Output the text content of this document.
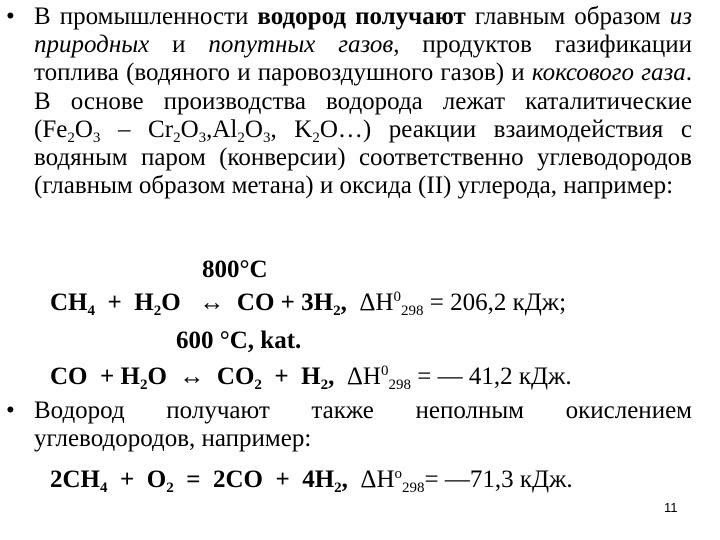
• В промышленности водород получают главным образом из природных и попутных газов, продуктов газификации топлива (водяного и паровоздушного газов) и коксового газа. В основе производства водорода лежат каталитические ($Fe_2O_3 - Cr_2O_3,Al_2O_3$, $K_2O\dots$) реакции взаимодействия с водяным паром (конверсии) соответственно углеводородов (главным образом метана) и оксида (II) углерода, например:
800°C
$CH_4 + H_2O$   ↔  CO + $3H_2$,  $\Delta H^0_{298} = 206,2$ кДж;
600 °C, kat.
CO  + $H_2O$  ↔  $CO_2 + H_2$,  $\Delta H^0_{298}$ = — 41,2 кДж.
• Водород получают также неполным окислением углеводородов, например:
$2CH_4 + O_2 = 2CO + 4H_2$,  $\Delta H^o_{298}=$ —71,3 кДж.
11
